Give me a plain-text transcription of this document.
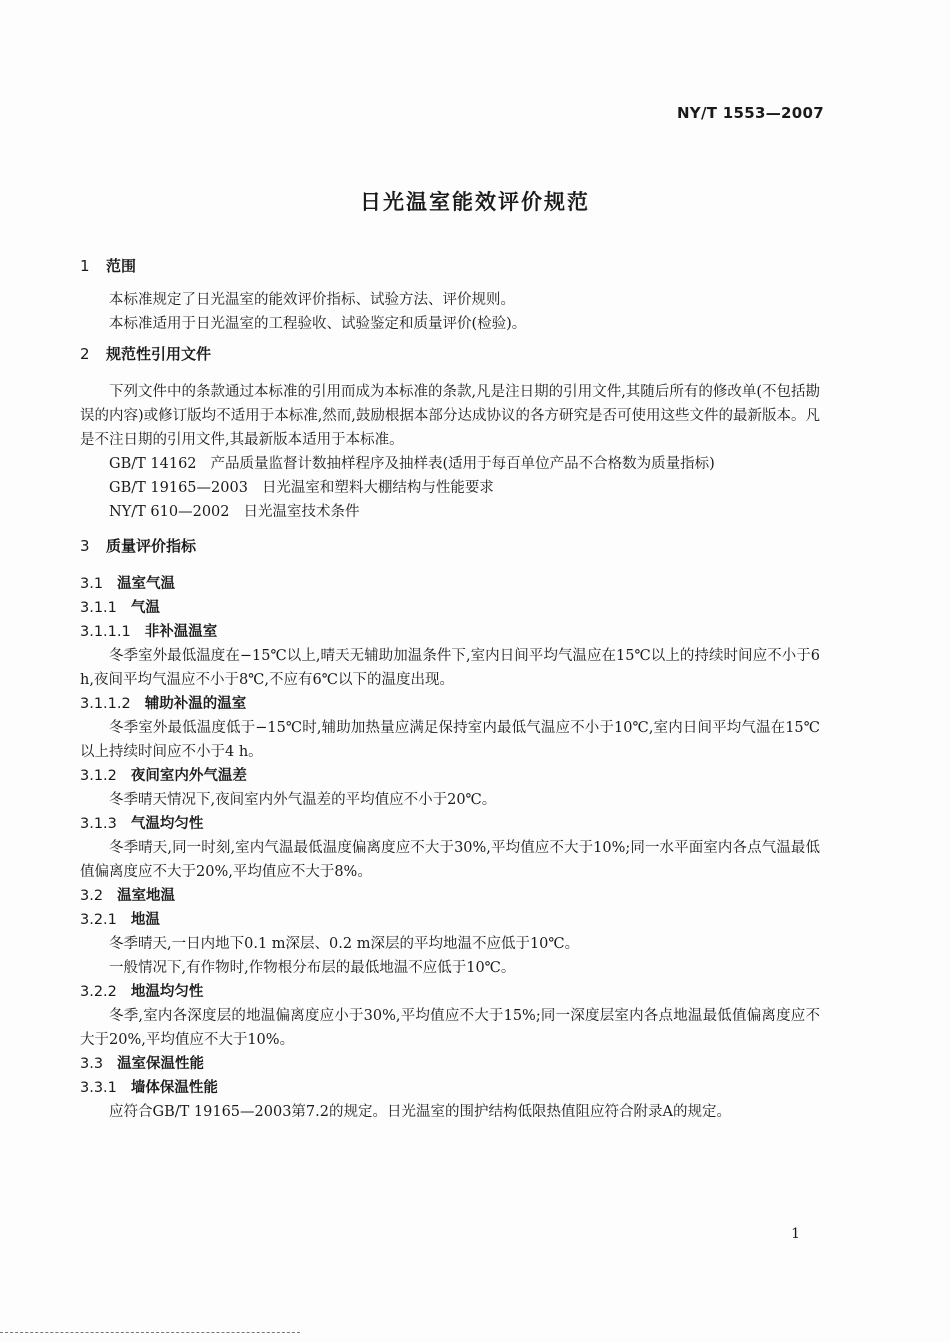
NY/T 1553—2007
日光温室能效评价规范
1 范围

本标准规定了日光温室的能效评价指标、试验方法、评价规则。

本标准适用于日光温室的工程验收、试验鉴定和质量评价(检验)。

2 规范性引用文件

下列文件中的条款通过本标准的引用而成为本标准的条款,凡是注日期的引用文件,其随后所有的修改单(不包括勘误的内容)或修订版均不适用于本标准,然而,鼓励根据本部分达成协议的各方研究是否可使用这些文件的最新版本。凡是不注日期的引用文件,其最新版本适用于本标准。

GB/T 14162 产品质量监督计数抽样程序及抽样表(适用于每百单位产品不合格数为质量指标)
GB/T 19165—2003 日光温室和塑料大棚结构与性能要求
NY/T 610—2002 日光温室技术条件
3 质量评价指标
3.1 温室气温
3.1.1 气温
3.1.1.1 非补温温室

冬季室外最低温度在−15℃以上,晴天无辅助加温条件下,室内日间平均气温应在15℃以上的持续时间应不小于6 h,夜间平均气温应不小于8℃,不应有6℃以下的温度出现。

3.1.1.2 辅助补温的温室

冬季室外最低温度低于−15℃时,辅助加热量应满足保持室内最低气温应不小于10℃,室内日间平均气温在15℃以上持续时间应不小于4 h。

3.1.2 夜间室内外气温差

冬季晴天情况下,夜间室内外气温差的平均值应不小于20℃。

3.1.3 气温均匀性

冬季晴天,同一时刻,室内气温最低温度偏离度应不大于30%,平均值应不大于10%;同一水平面室内各点气温最低值偏离度应不大于20%,平均值应不大于8%。

3.2 温室地温
3.2.1 地温

冬季晴天,一日内地下0.1 m深层、0.2 m深层的平均地温不应低于10℃。

一般情况下,有作物时,作物根分布层的最低地温不应低于10℃。

3.2.2 地温均匀性

冬季,室内各深度层的地温偏离度应小于30%,平均值应不大于15%;同一深度层室内各点地温最低值偏离度应不大于20%,平均值应不大于10%。

3.3 温室保温性能
3.3.1 墙体保温性能

应符合GB/T 19165—2003第7.2的规定。日光温室的围护结构低限热值阻应符合附录A的规定。

1
